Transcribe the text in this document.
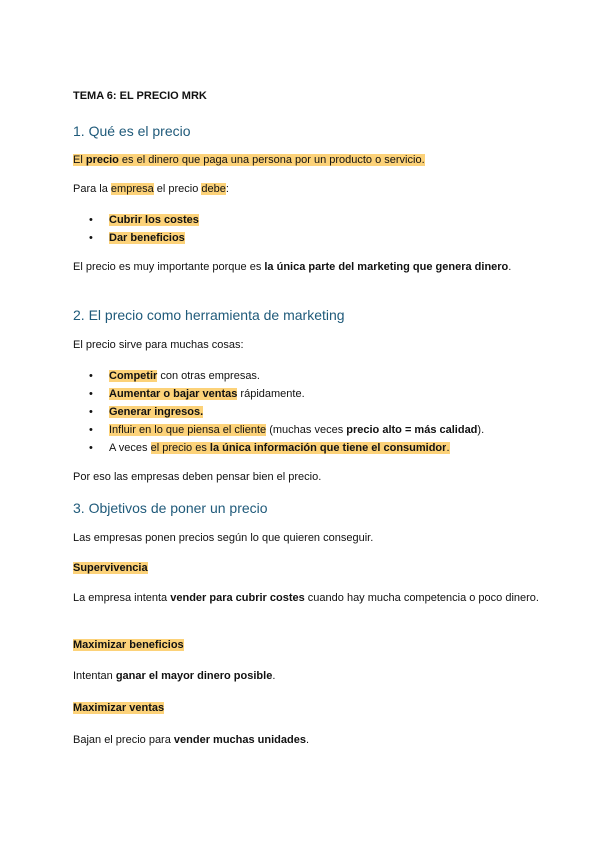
TEMA 6: EL PRECIO MRK
1. Qué es el precio
El precio es el dinero que paga una persona por un producto o servicio.
Para la empresa el precio debe:
• Cubrir los costes
• Dar beneficios
El precio es muy importante porque es la única parte del marketing que genera dinero.
2. El precio como herramienta de marketing
El precio sirve para muchas cosas:
• Competir con otras empresas.
• Aumentar o bajar ventas rápidamente.
• Generar ingresos.
• Influir en lo que piensa el cliente (muchas veces precio alto = más calidad).
• A veces el precio es la única información que tiene el consumidor.
Por eso las empresas deben pensar bien el precio.
3. Objetivos de poner un precio
Las empresas ponen precios según lo que quieren conseguir.
Supervivencia
La empresa intenta vender para cubrir costes cuando hay mucha competencia o poco dinero.
Maximizar beneficios
Intentan ganar el mayor dinero posible.
Maximizar ventas
Bajan el precio para vender muchas unidades.
